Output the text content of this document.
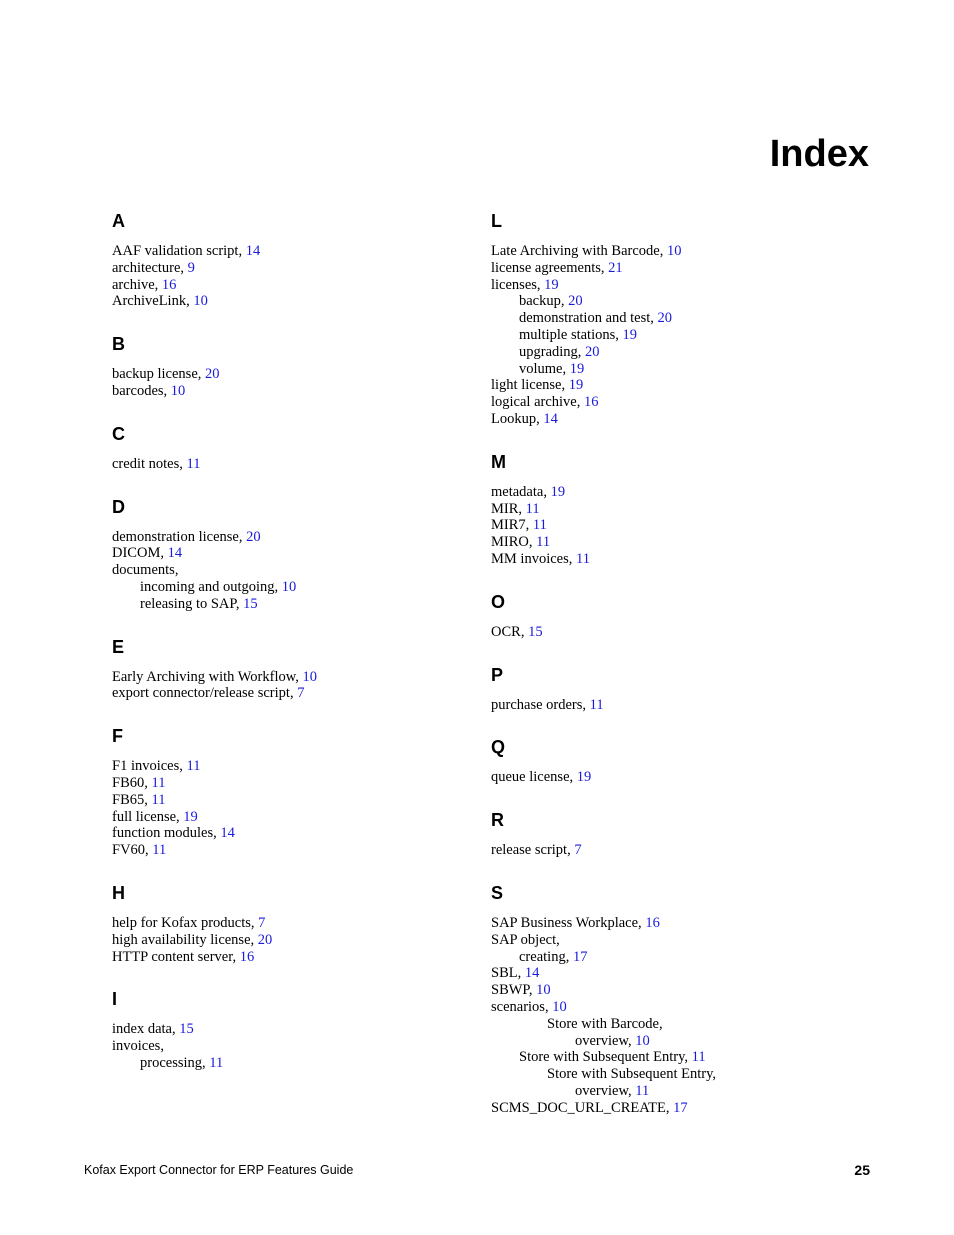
Index
A
AAF validation script, 14
architecture, 9
archive, 16
ArchiveLink, 10
B
backup license, 20
barcodes, 10
C
credit notes, 11
D
demonstration license, 20
DICOM, 14
documents,
incoming and outgoing, 10
releasing to SAP, 15
E
Early Archiving with Workflow, 10
export connector/release script, 7
F
F1 invoices, 11
FB60, 11
FB65, 11
full license, 19
function modules, 14
FV60, 11
H
help for Kofax products, 7
high availability license, 20
HTTP content server, 16
I
index data, 15
invoices,
processing, 11
L
Late Archiving with Barcode, 10
license agreements, 21
licenses, 19
backup, 20
demonstration and test, 20
multiple stations, 19
upgrading, 20
volume, 19
light license, 19
logical archive, 16
Lookup, 14
M
metadata, 19
MIR, 11
MIR7, 11
MIRO, 11
MM invoices, 11
O
OCR, 15
P
purchase orders, 11
Q
queue license, 19
R
release script, 7
S
SAP Business Workplace, 16
SAP object,
creating, 17
SBL, 14
SBWP, 10
scenarios, 10
Store with Barcode,
overview, 10
Store with Subsequent Entry, 11
Store with Subsequent Entry,
overview, 11
SCMS_DOC_URL_CREATE, 17
Kofax Export Connector for ERP Features Guide	25
